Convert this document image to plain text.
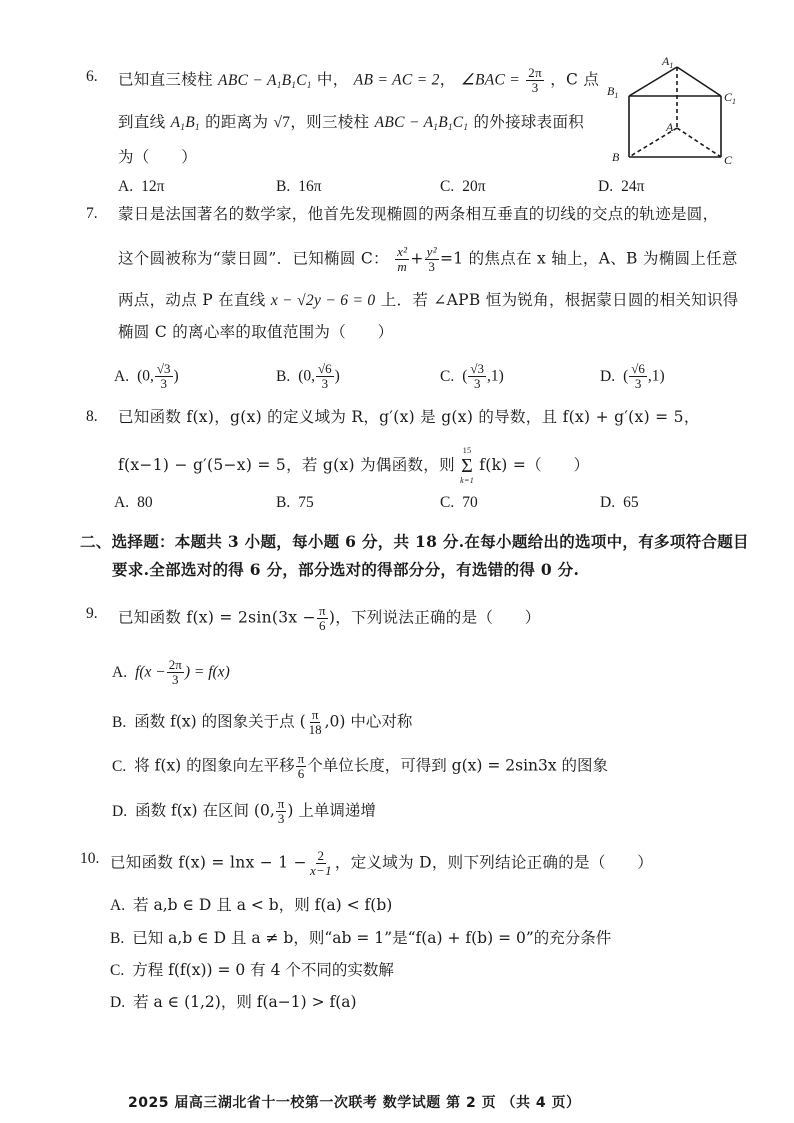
6. 已知直三棱柱 ABC − $A_1B_1C_1$ 中， AB = AC = 2， ∠BAC = $\frac{2\pi}{3}$ ，C 点
到直线 $A_1B_1$ 的距离为 √7，则三棱柱 ABC − $A_1B_1C_1$ 的外接球表面积
为（　　）
A. 12π	B. 16π	C. 20π	D. 24π
$A_1$
$B_1$	$C_1$
A
B	C
7. 蒙日是法国著名的数学家，他首先发现椭圆的两条相互垂直的切线的交点的轨迹是圆，
这个圆被称为“蒙日圆”．已知椭圆 C： $\frac{\text{x²}}{m} + \frac{\text{y²}}{3} =1$ 的焦点在 x 轴上，A、B 为椭圆上任意
两点，动点 P 在直线 x − √2y − 6 = 0 上．若 ∠APB 恒为锐角，根据蒙日圆的相关知识得
椭圆 C 的离心率的取值范围为（　　）
A. (0, $\frac{√3}{3}$ )	B. (0, $\frac{√6}{3}$ )	C. ( $\frac{√3}{3} ,1$)	D. ( $\frac{√6}{3} ,1$)
8. 已知函数 f(x)，g(x) 的定义域为 R，g′(x) 是 g(x) 的导数，且 f(x) + g′(x) = 5，
f(x−1) − g′(5−x) = 5，若 g(x) 为偶函数，则
15
Σ
k=1
f(k) =（　　）
A. 80	B. 75	C. 70	D. 65
二、选择题：本题共 3 小题，每小题 6 分，共 18 分.在每小题给出的选项中，有多项符合题目
要求.全部选对的得 6 分，部分选对的得部分分，有选错的得 0 分.
9. 已知函数 $f(x) = 2\sin(3x - \frac{\pi}{6}$ )，下列说法正确的是（　　）
A. $f(x - \frac{2\pi}{3}$ ) = f(x)
B. 函数 f(x) 的图象关于点 ( $\frac{\pi}{18} ,0$) 中心对称
C. 将 f(x) 的图象向左平移 $\frac{\pi}{6}$ 个单位长度，可得到 g(x) = 2sin3x 的图象
D. 函数 f(x) 在区间 (0, $\frac{\pi}{3}$ ) 上单调递增
10. 已知函数 $f(x) = \ln x - 1 - \frac{2}{x-1}$ ，定义域为 D，则下列结论正确的是（　　）
A. 若 a,b ∈ D 且 a < b，则 f(a) < f(b)
B. 已知 a,b ∈ D 且 a ≠ b，则“ab = 1”是“f(a) + f(b) = 0”的充分条件
C. 方程 f(f(x)) = 0 有 4 个不同的实数解
D. 若 a ∈ (1,2)，则 f(a−1) > f(a)
2025 届高三湖北省十一校第一次联考 数学试题 第 2 页 （共 4 页）
